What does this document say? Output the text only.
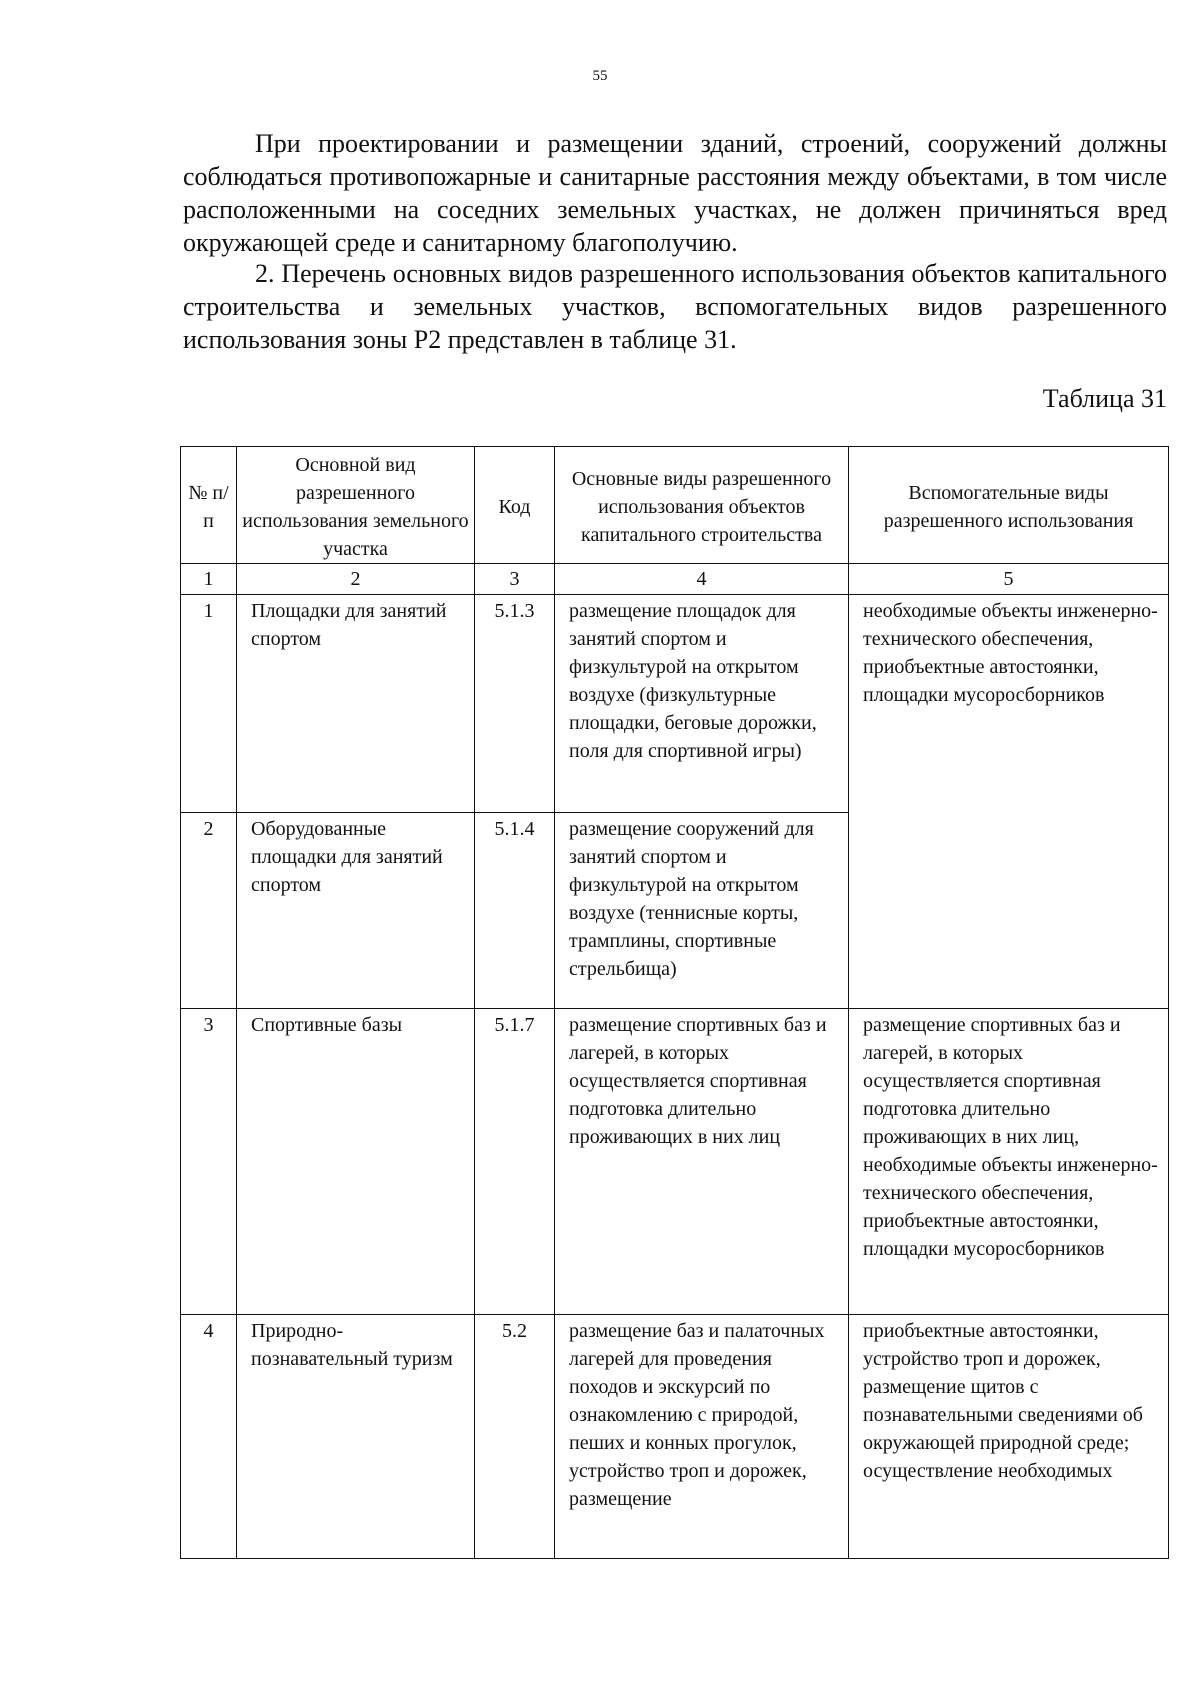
55

При проектировании и размещении зданий, строений, сооружений должны соблюдаться противопожарные и санитарные расстояния между объектами, в том числе расположенными на соседних земельных участках, не должен причиняться вред окружающей среде и санитарному благополучию.

2. Перечень основных видов разрешенного использования объектов капитального строительства и земельных участков, вспомогательных видов разрешенного использования зоны Р2 представлен в таблице 31.

Таблица 31
№ п/п	Основной вид разрешенного использования земельного участка	Код	Основные виды разрешенного использования объектов капитального строительства	Вспомогательные виды разрешенного использования
1	2	3	4	5
1	Площадки для занятий спортом	5.1.3	размещение площадок для занятий спортом и физкультурой на открытом воздухе (физкультурные площадки, беговые дорожки, поля для спортивной игры)	необходимые объекты инженерно-технического обеспечения, приобъектные автостоянки, площадки мусоросборников
2	Оборудованные площадки для занятий спортом	5.1.4	размещение сооружений для занятий спортом и физкультурой на открытом воздухе (теннисные корты, трамплины, спортивные стрельбища)	
3	Спортивные базы	5.1.7	размещение спортивных баз и лагерей, в которых осуществляется спортивная подготовка длительно проживающих в них лиц	размещение спортивных баз и лагерей, в которых осуществляется спортивная подготовка длительно проживающих в них лиц, необходимые объекты инженерно-технического обеспечения, приобъектные автостоянки, площадки мусоросборников
4	Природно-познавательный туризм	5.2	размещение баз и палаточных лагерей для проведения походов и экскурсий по ознакомлению с природой, пеших и конных прогулок, устройство троп и дорожек, размещение	приобъектные автостоянки, устройство троп и дорожек, размещение щитов с познавательными сведениями об окружающей природной среде; осуществление необходимых
